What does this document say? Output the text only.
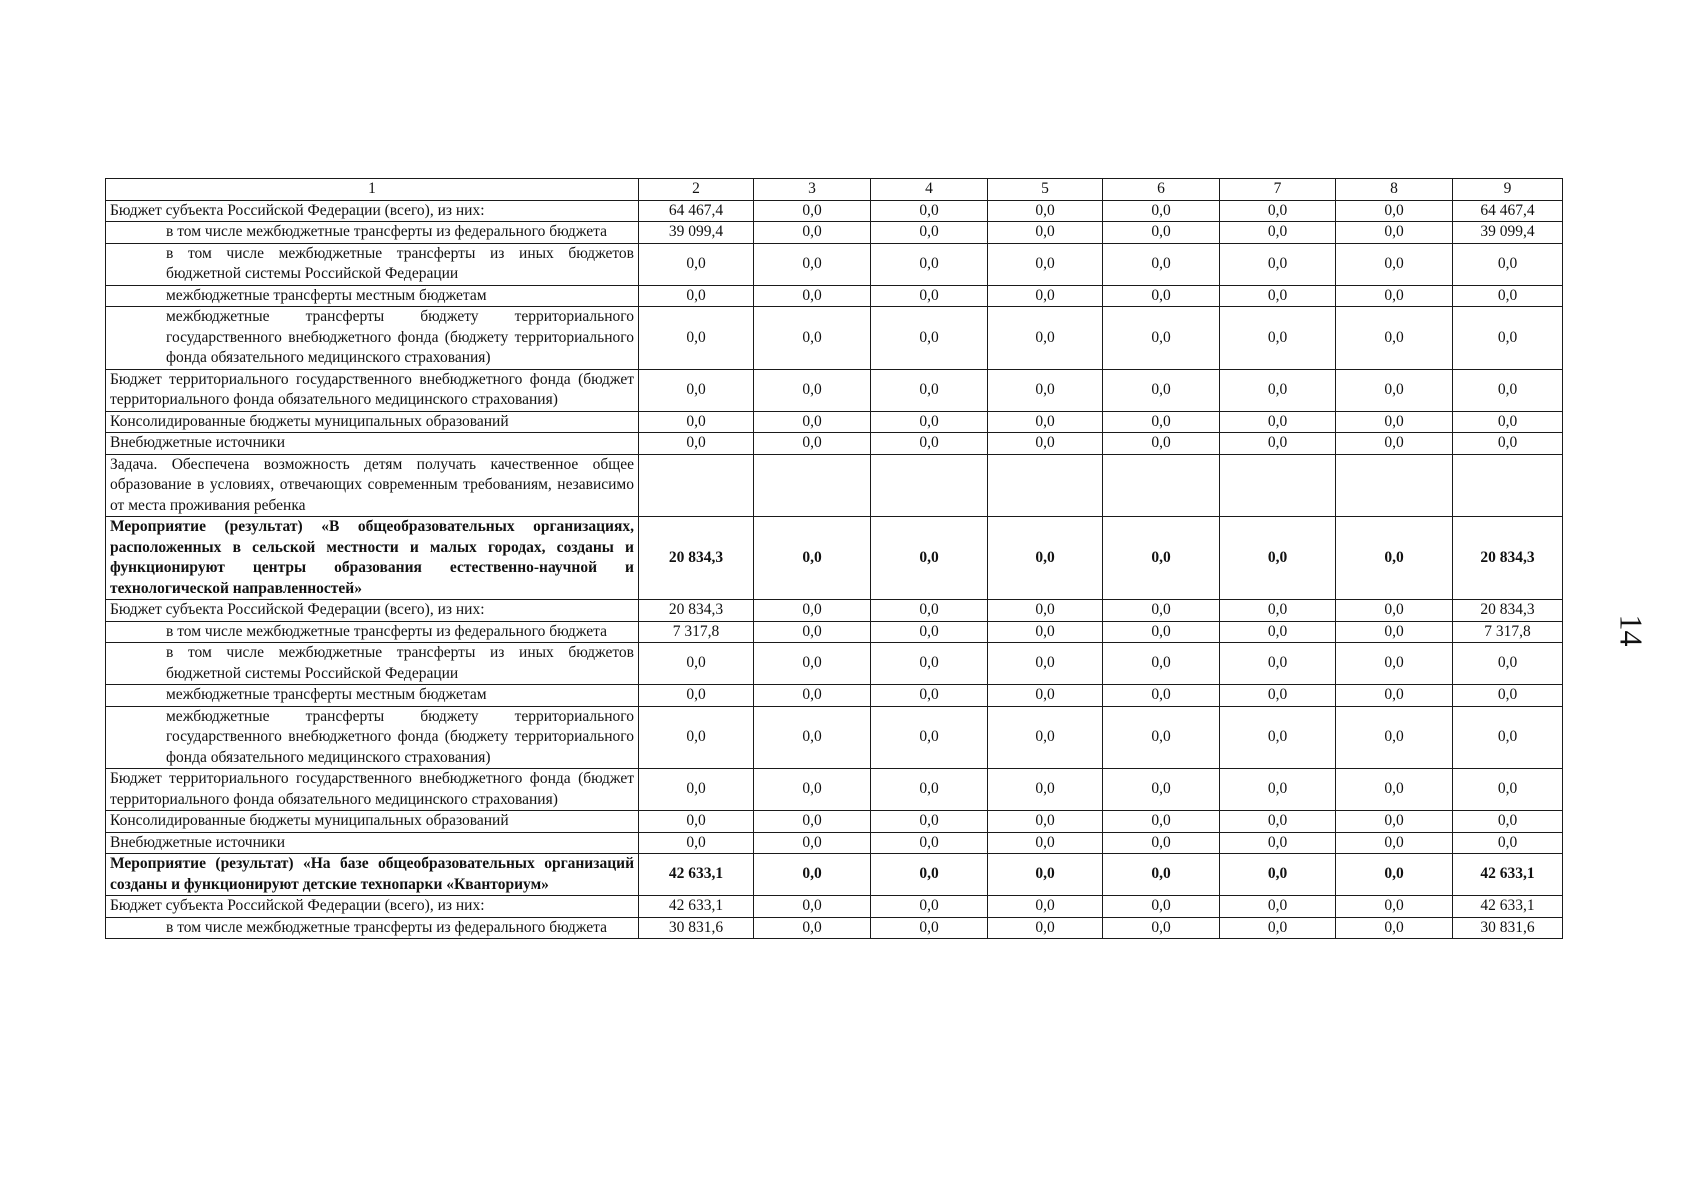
1	2	3	4	5	6	7	8	9
Бюджет субъекта Российской Федерации (всего), из них:	64 467,4	0,0	0,0	0,0	0,0	0,0	0,0	64 467,4
в том числе межбюджетные трансферты из федерального бюджета	39 099,4	0,0	0,0	0,0	0,0	0,0	0,0	39 099,4
в том числе межбюджетные трансферты из иных бюджетов бюджетной системы Российской Федерации	0,0	0,0	0,0	0,0	0,0	0,0	0,0	0,0
межбюджетные трансферты местным бюджетам	0,0	0,0	0,0	0,0	0,0	0,0	0,0	0,0
межбюджетные трансферты бюджету территориального государственного внебюджетного фонда (бюджету территориального фонда обязательного медицинского страхования)	0,0	0,0	0,0	0,0	0,0	0,0	0,0	0,0
Бюджет территориального государственного внебюджетного фонда (бюджет территориального фонда обязательного медицинского страхования)	0,0	0,0	0,0	0,0	0,0	0,0	0,0	0,0
Консолидированные бюджеты муниципальных образований	0,0	0,0	0,0	0,0	0,0	0,0	0,0	0,0
Внебюджетные источники	0,0	0,0	0,0	0,0	0,0	0,0	0,0	0,0
Задача. Обеспечена возможность детям получать качественное общее образование в условиях, отвечающих современным требованиям, независимо от места проживания ребенка								
Мероприятие (результат) «В общеобразовательных организациях, расположенных в сельской местности и малых городах, созданы и функционируют центры образования естественно-научной и технологической направленностей»	20 834,3	0,0	0,0	0,0	0,0	0,0	0,0	20 834,3
Бюджет субъекта Российской Федерации (всего), из них:	20 834,3	0,0	0,0	0,0	0,0	0,0	0,0	20 834,3
в том числе межбюджетные трансферты из федерального бюджета	7 317,8	0,0	0,0	0,0	0,0	0,0	0,0	7 317,8
в том числе межбюджетные трансферты из иных бюджетов бюджетной системы Российской Федерации	0,0	0,0	0,0	0,0	0,0	0,0	0,0	0,0
межбюджетные трансферты местным бюджетам	0,0	0,0	0,0	0,0	0,0	0,0	0,0	0,0
межбюджетные трансферты бюджету территориального государственного внебюджетного фонда (бюджету территориального фонда обязательного медицинского страхования)	0,0	0,0	0,0	0,0	0,0	0,0	0,0	0,0
Бюджет территориального государственного внебюджетного фонда (бюджет территориального фонда обязательного медицинского страхования)	0,0	0,0	0,0	0,0	0,0	0,0	0,0	0,0
Консолидированные бюджеты муниципальных образований	0,0	0,0	0,0	0,0	0,0	0,0	0,0	0,0
Внебюджетные источники	0,0	0,0	0,0	0,0	0,0	0,0	0,0	0,0
Мероприятие (результат) «На базе общеобразовательных организаций созданы и функционируют детские технопарки «Кванториум»	42 633,1	0,0	0,0	0,0	0,0	0,0	0,0	42 633,1
Бюджет субъекта Российской Федерации (всего), из них:	42 633,1	0,0	0,0	0,0	0,0	0,0	0,0	42 633,1
в том числе межбюджетные трансферты из федерального бюджета	30 831,6	0,0	0,0	0,0	0,0	0,0	0,0	30 831,6
14
